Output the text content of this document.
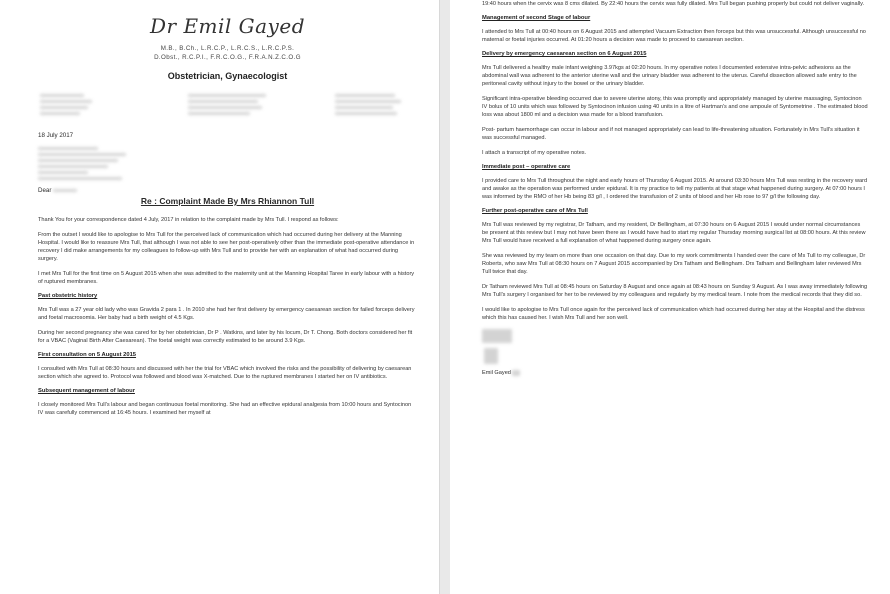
Dr Emil Gayed
M.B., B.Ch., L.R.C.P., L.R.C.S., L.R.C.P.S.
D.Obst., R.C.P.I., F.R.C.O.G., F.R.A.N.Z.C.O.G
Obstetrician, Gynaecologist
18 July 2017
Dear
Re : Complaint Made By Mrs Rhiannon Tull

Thank You for your correspondence dated 4 July, 2017 in relation to the complaint made by Mrs Tull. I respond as follows:

From the outset I would like to apologise to Mrs Tull for the perceived lack of communication which had occurred during her delivery at the Manning Hospital. I would like to reassure Mrs Tull, that although I was not able to see her post-operatively other than the immediate post-operative attendance in recovery I did make arrangements for my colleagues to follow-up with Mrs Tull and to provide her with an explanation of what had occurred during surgery.

I met Mrs Tull for the first time on 5 August 2015 when she was admitted to the maternity unit at the Manning Hospital Taree in early labour with a history of ruptured membranes.

Past obstetric history

Mrs Tull was a 27 year old lady who was Gravida 2 para 1 . In 2010 she had her first delivery by emergency caesarean section for failed forceps delivery and foetal macrosomia. Her baby had a birth weight of 4.5 Kgs.

During her second pregnancy she was cared for by her obstetrician, Dr P . Watkins, and later by his locum, Dr T. Chong. Both doctors considered her fit for a VBAC (Vaginal Birth After Caesarean). The foetal weight was correctly estimated to be around 3.9 Kgs.

First consultation on 5 August 2015

I consulted with Mrs Tull at 08:30 hours and discussed with her the trial for VBAC which involved the risks and the possibility of delivering by caesarean section which she agreed to. Protocol was followed and blood was X-matched. Due to the ruptured membranes I started her on IV antibiotics.

Subsequent management of labour

I closely monitored Mrs Tull's labour and began continuous foetal monitoring. She had an effective epidural analgesia from 10:00 hours and Syntocinon IV was carefully commenced at 16:45 hours. I examined her myself at

19:40 hours when the cervix was 8 cms dilated. By 22:40 hours the cervix was fully dilated. Mrs Tull began pushing properly but could not deliver vaginally.

Management of second Stage of labour

I attended to Mrs Tull at 00:40 hours on 6 August 2015 and attempted Vacuum Extraction then forceps but this was unsuccessful. Although unsuccessful no maternal or foetal injuries occurred. At 01:20 hours a decision was made to proceed to caesarean section.

Delivery by emergency caesarean section on 6 August 2015

Mrs Tull delivered a healthy male infant weighing 3.97kgs at 02:20 hours. In my operative notes I documented extensive intra-pelvic adhesions as the abdominal wall was adherent to the anterior uterine wall and the urinary bladder was adherent to the uterus. Careful dissection allowed safe entry to the peritoneal cavity without injury to the bowel or the urinary bladder.

Significant intra-operative bleeding occurred due to severe uterine atony, this was promptly and appropriately managed by uterine massaging, Syntocinon IV bolus of 10 units which was followed by Syntocinon infusion using 40 units in a litre of Hartman's and one ampoule of Syntometrine . The estimated blood loss was about 1800 ml and a decision was made for a blood transfusion.

Post- partum haemorrhage can occur in labour and if not managed appropriately can lead to life-threatening situation. Fortunately in Mrs Tull's situation it was successful managed.

I attach a transcript of my operative notes.

Immediate post – operative care

I provided care to Mrs Tull throughout the night and early hours of Thursday 6 August 2015. At around 03:30 hours Mrs Tull was resting in the recovery ward and awake as the operation was performed under epidural. It is my practice to tell my patients at that stage what happened during surgery. At 07:00 hours I was informed by the RMO of her Hb being 83 g/l , I ordered the transfusion of 2 units of blood and her Hb rose to 97 g/l the following day.

Further post-operative care of Mrs Tull

Mrs Tull was reviewed by my registrar, Dr Tatham, and my resident, Dr Bellingham, at 07:30 hours on 6 August 2015 I would under normal circumstances be present at this review but I may not have been there as I would have had to start my regular Thursday morning surgical list at 08:00 hours. At this review Mrs Tull would have received a full explanation of what happened during surgery once again.

She was reviewed by my team on more than one occasion on that day. Due to my work commitments I handed over the care of Ms Tull to my colleague, Dr Roberts, who saw Mrs Tull at 08:30 hours on 7 August 2015 accompanied by Drs Tatham and Bellingham. Drs Tatham and Bellingham later reviewed Mrs Tull twice that day.

Dr Tatham reviewed Mrs Tull at 08:45 hours on Saturday 8 August and once again at 08:43 hours on Sunday 9 August. As I was away immediately following Mrs Tull's surgery I organised for her to be reviewed by my colleagues and regularly by my medical team. I note from the medical records that they did so.

I would like to apologise to Mrs Tull once again for the perceived lack of communication which had occurred during her stay at the Hospital and the distress which this has caused her. I wish Mrs Tull and her son well.

Emil Gayed
